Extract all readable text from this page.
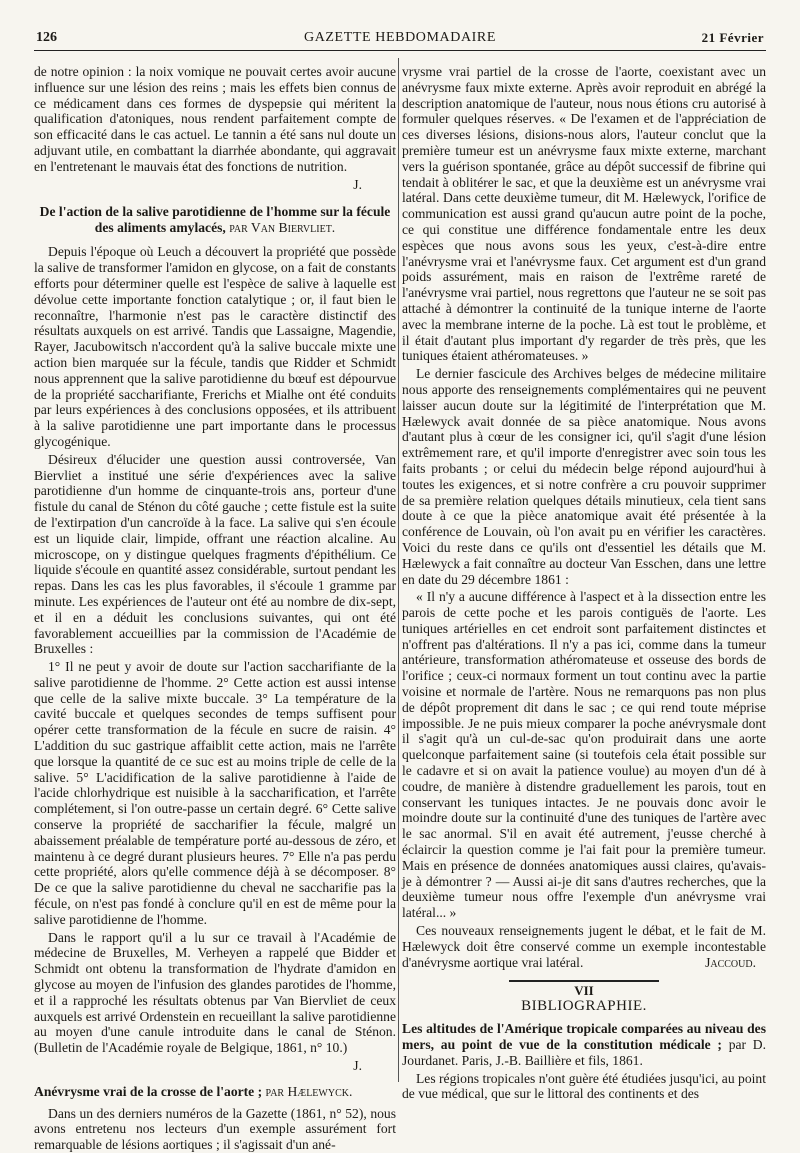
126	GAZETTE HEBDOMADAIRE	21 Février

de notre opinion : la noix vomique ne pouvait certes avoir aucune influence sur une lésion des reins ; mais les effets bien connus de ce médicament dans ces formes de dyspepsie qui méritent la qualification d'atoniques, nous rendent parfaitement compte de son efficacité dans le cas actuel. Le tannin a été sans nul doute un adjuvant utile, en combattant la diarrhée abondante, qui aggravait en l'entretenant le mauvais état des fonctions de nutrition.

J.
De l'action de la salive parotidienne de l'homme sur la fécule des aliments amylacés, par Van Biervliet.

Depuis l'époque où Leuch a découvert la propriété que possède la salive de transformer l'amidon en glycose, on a fait de constants efforts pour déterminer quelle est l'espèce de salive à laquelle est dévolue cette importante fonction catalytique ; or, il faut bien le reconnaître, l'harmonie n'est pas le caractère distinctif des résultats auxquels on est arrivé. Tandis que Lassaigne, Magendie, Rayer, Jacubowitsch n'accordent qu'à la salive buccale mixte une action bien marquée sur la fécule, tandis que Ridder et Schmidt nous apprennent que la salive parotidienne du bœuf est dépourvue de la propriété saccharifiante, Frerichs et Mialhe ont été conduits par leurs expériences à des conclusions opposées, et ils attribuent à la salive parotidienne une part importante dans le processus glycogénique.

Désireux d'élucider une question aussi controversée, Van Biervliet a institué une série d'expériences avec la salive parotidienne d'un homme de cinquante-trois ans, porteur d'une fistule du canal de Sténon du côté gauche ; cette fistule est la suite de l'extirpation d'un cancroïde à la face. La salive qui s'en écoule est un liquide clair, limpide, offrant une réaction alcaline. Au microscope, on y distingue quelques fragments d'épithélium. Ce liquide s'écoule en quantité assez considérable, surtout pendant les repas. Dans les cas les plus favorables, il s'écoule 1 gramme par minute. Les expériences de l'auteur ont été au nombre de dix-sept, et il en a déduit les conclusions suivantes, qui ont été favorablement accueillies par la commission de l'Académie de Bruxelles :

1° Il ne peut y avoir de doute sur l'action saccharifiante de la salive parotidienne de l'homme. 2° Cette action est aussi intense que celle de la salive mixte buccale. 3° La température de la cavité buccale et quelques secondes de temps suffisent pour opérer cette transformation de la fécule en sucre de raisin. 4° L'addition du suc gastrique affaiblit cette action, mais ne l'arrête que lorsque la quantité de ce suc est au moins triple de celle de la salive. 5° L'acidification de la salive parotidienne à l'aide de l'acide chlorhydrique est nuisible à la saccharification, et l'arrête complétement, si l'on outre-passe un certain degré. 6° Cette salive conserve la propriété de saccharifier la fécule, malgré un abaissement préalable de température porté au-dessous de zéro, et maintenu à ce degré durant plusieurs heures. 7° Elle n'a pas perdu cette propriété, alors qu'elle commence déjà à se décomposer. 8° De ce que la salive parotidienne du cheval ne saccharifie pas la fécule, on n'est pas fondé à conclure qu'il en est de même pour la salive parotidienne de l'homme.

Dans le rapport qu'il a lu sur ce travail à l'Académie de médecine de Bruxelles, M. Verheyen a rappelé que Bidder et Schmidt ont obtenu la transformation de l'hydrate d'amidon en glycose au moyen de l'infusion des glandes parotides de l'homme, et il a rapproché les résultats obtenus par Van Biervliet de ceux auxquels est arrivé Ordenstein en recueillant la salive parotidienne au moyen d'une canule introduite dans le canal de Sténon. (Bulletin de l'Académie royale de Belgique, 1861, n° 10.)

J.
Anévrysme vrai de la crosse de l'aorte ; par Hælewyck.

Dans un des derniers numéros de la Gazette (1861, n° 52), nous avons entretenu nos lecteurs d'un exemple assurément fort remarquable de lésions aortiques ; il s'agissait d'un ané-

vrysme vrai partiel de la crosse de l'aorte, coexistant avec un anévrysme faux mixte externe. Après avoir reproduit en abrégé la description anatomique de l'auteur, nous nous étions cru autorisé à formuler quelques réserves. « De l'examen et de l'appréciation de ces diverses lésions, disions-nous alors, l'auteur conclut que la première tumeur est un anévrysme faux mixte externe, marchant vers la guérison spontanée, grâce au dépôt successif de fibrine qui tendait à oblitérer le sac, et que la deuxième est un anévrysme vrai latéral. Dans cette deuxième tumeur, dit M. Hælewyck, l'orifice de communication est aussi grand qu'aucun autre point de la poche, ce qui constitue une différence fondamentale entre les deux espèces que nous avons sous les yeux, c'est-à-dire entre l'anévrysme vrai et l'anévrysme faux. Cet argument est d'un grand poids assurément, mais en raison de l'extrême rareté de l'anévrysme vrai partiel, nous regrettons que l'auteur ne se soit pas attaché à démontrer la continuité de la tunique interne de l'aorte avec la membrane interne de la poche. Là est tout le problème, et il était d'autant plus important d'y regarder de très près, que les tuniques étaient athéromateuses. »

Le dernier fascicule des Archives belges de médecine militaire nous apporte des renseignements complémentaires qui ne peuvent laisser aucun doute sur la légitimité de l'interprétation que M. Hælewyck avait donnée de sa pièce anatomique. Nous avons d'autant plus à cœur de les consigner ici, qu'il s'agit d'une lésion extrêmement rare, et qu'il importe d'enregistrer avec soin tous les faits probants ; or celui du médecin belge répond aujourd'hui à toutes les exigences, et si notre confrère a cru pouvoir supprimer de sa première relation quelques détails minutieux, cela tient sans doute à ce que la pièce anatomique avait été présentée à la conférence de Louvain, où l'on avait pu en vérifier les caractères. Voici du reste dans ce qu'ils ont d'essentiel les détails que M. Hælewyck a fait connaître au docteur Van Esschen, dans une lettre en date du 29 décembre 1861 :

« Il n'y a aucune différence à l'aspect et à la dissection entre les parois de cette poche et les parois contiguës de l'aorte. Les tuniques artérielles en cet endroit sont parfaitement distinctes et n'offrent pas d'altérations. Il n'y a pas ici, comme dans la tumeur antérieure, transformation athéromateuse et osseuse des bords de l'orifice ; ceux-ci normaux forment un tout continu avec la partie voisine et normale de l'artère. Nous ne remarquons pas non plus de dépôt proprement dit dans le sac ; ce qui rend toute méprise impossible. Je ne puis mieux comparer la poche anévrysmale dont il s'agit qu'à un cul-de-sac qu'on produirait dans une aorte quelconque parfaitement saine (si toutefois cela était possible sur le cadavre et si on avait la patience voulue) au moyen d'un dé à coudre, de manière à distendre graduellement les parois, tout en conservant les tuniques intactes. Je ne pouvais donc avoir le moindre doute sur la continuité d'une des tuniques de l'artère avec le sac anormal. S'il en avait été autrement, j'eusse cherché à éclaircir la question comme je l'ai fait pour la première tumeur. Mais en présence de données anatomiques aussi claires, qu'avais-je à démontrer ? — Aussi ai-je dit sans d'autres recherches, que la deuxième tumeur nous offre l'exemple d'un anévrysme vrai latéral... »

Ces nouveaux renseignements jugent le débat, et le fait de M. Hælewyck doit être conservé comme un exemple incontestable d'anévrysme aortique vrai latéral.	Jaccoud.

VII
BIBLIOGRAPHIE.

Les altitudes de l'Amérique tropicale comparées au niveau des mers, au point de vue de la constitution médicale ; par D. Jourdanet. Paris, J.-B. Baillière et fils, 1861.

Les régions tropicales n'ont guère été étudiées jusqu'ici, au point de vue médical, que sur le littoral des continents et des
